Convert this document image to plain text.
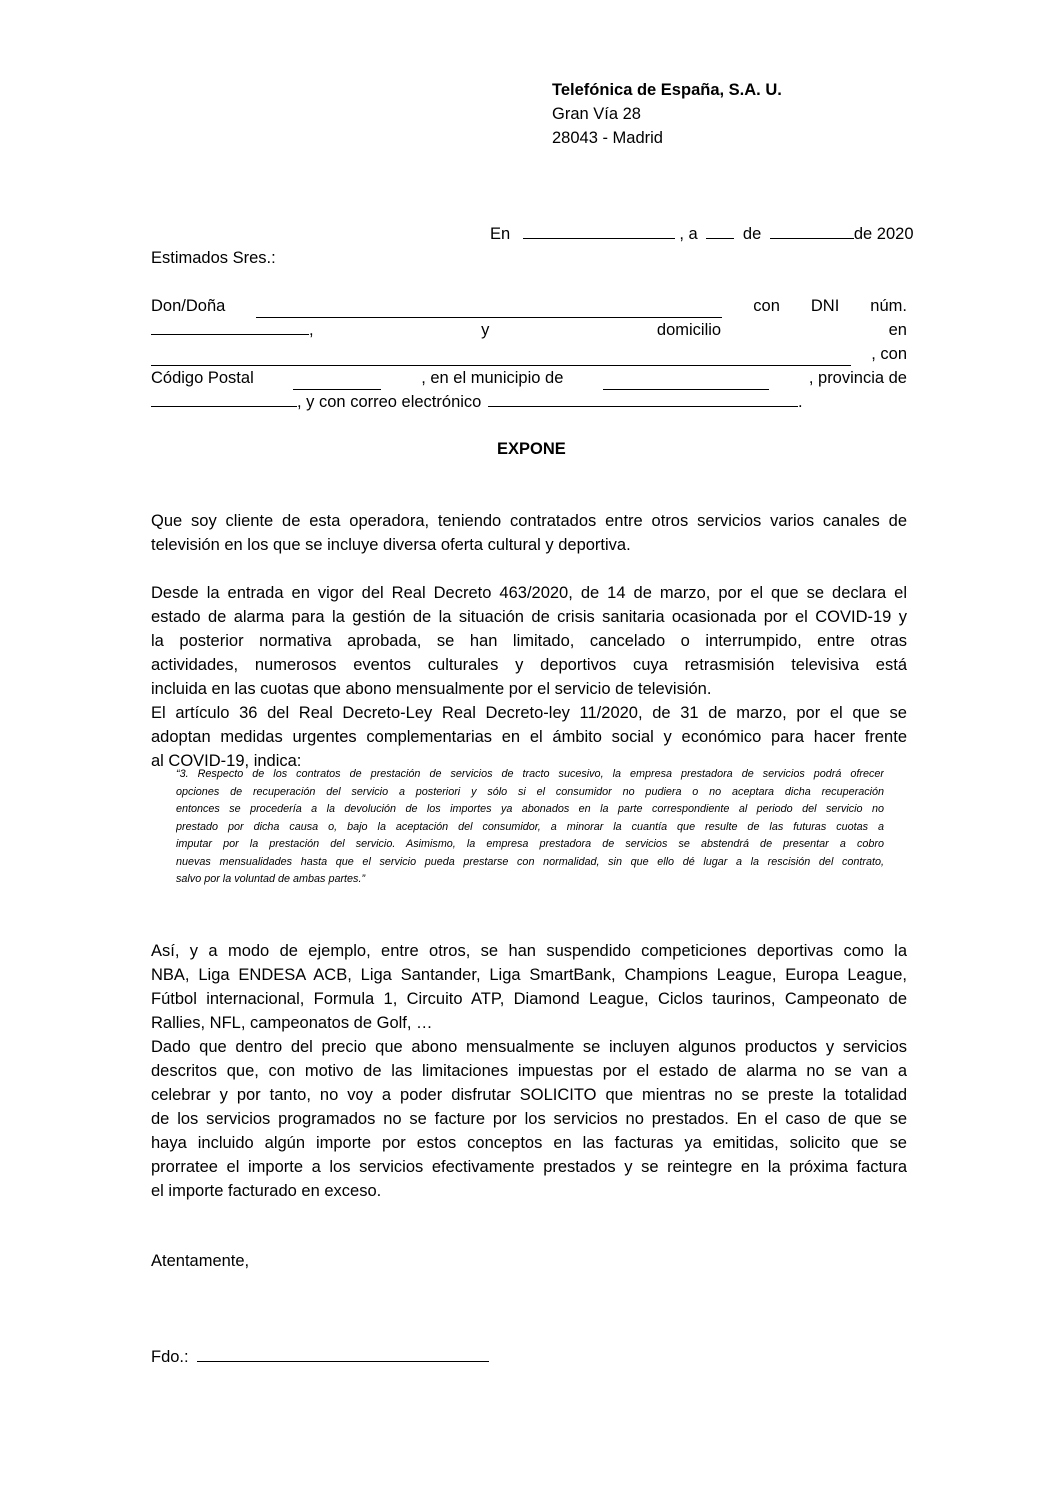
Telefónica de España, S.A. U.
Gran Vía 28
28043 - Madrid
En	, a	de	de 2020
Estimados Sres.:
Don/Doña	con DNI núm.
,	y	domicilio	en
, con
Código Postal	, en el municipio de	, provincia de
, y con correo electrónico	.
EXPONE
Que soy cliente de esta operadora, teniendo contratados entre otros servicios varios canales de
televisión en los que se incluye diversa oferta cultural y deportiva.
Desde la entrada en vigor del Real Decreto 463/2020, de 14 de marzo, por el que se declara el
estado de alarma para la gestión de la situación de crisis sanitaria ocasionada por el COVID-19 y
la posterior normativa aprobada, se han limitado, cancelado o interrumpido, entre otras
actividades, numerosos eventos culturales y deportivos cuya retrasmisión televisiva está
incluida en las cuotas que abono mensualmente por el servicio de televisión.
El artículo 36 del Real Decreto-Ley Real Decreto-ley 11/2020, de 31 de marzo, por el que se
adoptan medidas urgentes complementarias en el ámbito social y económico para hacer frente
al COVID-19, indica:
“3. Respecto de los contratos de prestación de servicios de tracto sucesivo, la empresa prestadora de servicios podrá ofrecer
opciones de recuperación del servicio a posteriori y sólo si el consumidor no pudiera o no aceptara dicha recuperación
entonces se procedería a la devolución de los importes ya abonados en la parte correspondiente al periodo del servicio no
prestado por dicha causa o, bajo la aceptación del consumidor, a minorar la cuantía que resulte de las futuras cuotas a
imputar por la prestación del servicio. Asimismo, la empresa prestadora de servicios se abstendrá de presentar a cobro
nuevas mensualidades hasta que el servicio pueda prestarse con normalidad, sin que ello dé lugar a la rescisión del contrato,
salvo por la voluntad de ambas partes.”
Así, y a modo de ejemplo, entre otros, se han suspendido competiciones deportivas como la
NBA, Liga ENDESA ACB, Liga Santander, Liga SmartBank, Champions League, Europa League,
Fútbol internacional, Formula 1, Circuito ATP, Diamond League, Ciclos taurinos, Campeonato de
Rallies, NFL, campeonatos de Golf, …
Dado que dentro del precio que abono mensualmente se incluyen algunos productos y servicios
descritos que, con motivo de las limitaciones impuestas por el estado de alarma no se van a
celebrar y por tanto, no voy a poder disfrutar SOLICITO que mientras no se preste la totalidad
de los servicios programados no se facture por los servicios no prestados. En el caso de que se
haya incluido algún importe por estos conceptos en las facturas ya emitidas, solicito que se
prorratee el importe a los servicios efectivamente prestados y se reintegre en la próxima factura
el importe facturado en exceso.
Atentamente,
Fdo.:
